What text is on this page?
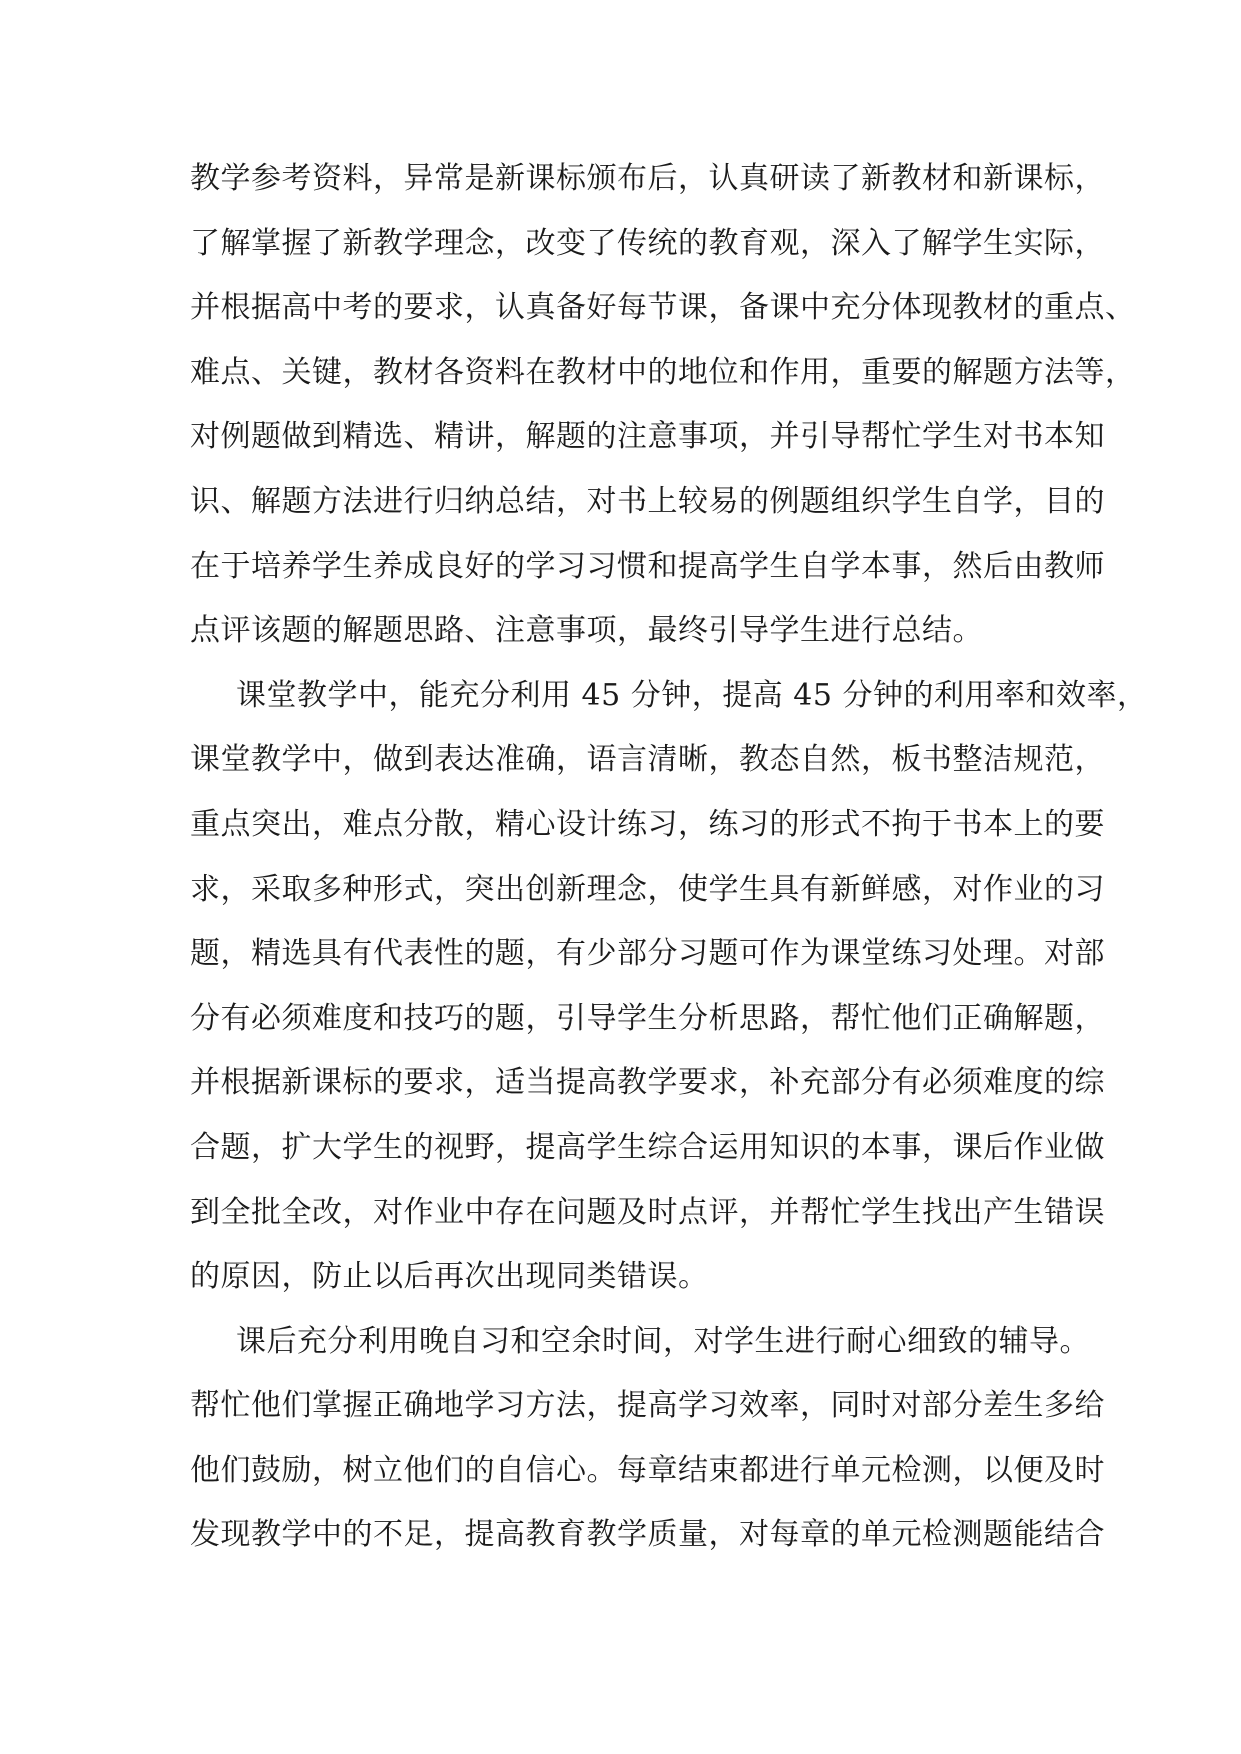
教学参考资料，异常是新课标颁布后，认真研读了新教材和新课标，
了解掌握了新教学理念，改变了传统的教育观，深入了解学生实际，
并根据高中考的要求，认真备好每节课，备课中充分体现教材的重点、
难点、关键，教材各资料在教材中的地位和作用，重要的解题方法等，
对例题做到精选、精讲，解题的注意事项，并引导帮忙学生对书本知
识、解题方法进行归纳总结，对书上较易的例题组织学生自学，目的
在于培养学生养成良好的学习习惯和提高学生自学本事，然后由教师
点评该题的解题思路、注意事项，最终引导学生进行总结。
课堂教学中，能充分利用 45 分钟，提高 45 分钟的利用率和效率，
课堂教学中，做到表达准确，语言清晰，教态自然，板书整洁规范，
重点突出，难点分散，精心设计练习，练习的形式不拘于书本上的要
求，采取多种形式，突出创新理念，使学生具有新鲜感，对作业的习
题，精选具有代表性的题，有少部分习题可作为课堂练习处理。对部
分有必须难度和技巧的题，引导学生分析思路，帮忙他们正确解题，
并根据新课标的要求，适当提高教学要求，补充部分有必须难度的综
合题，扩大学生的视野，提高学生综合运用知识的本事，课后作业做
到全批全改，对作业中存在问题及时点评，并帮忙学生找出产生错误
的原因，防止以后再次出现同类错误。
课后充分利用晚自习和空余时间，对学生进行耐心细致的辅导。
帮忙他们掌握正确地学习方法，提高学习效率，同时对部分差生多给
他们鼓励，树立他们的自信心。每章结束都进行单元检测，以便及时
发现教学中的不足，提高教育教学质量，对每章的单元检测题能结合
